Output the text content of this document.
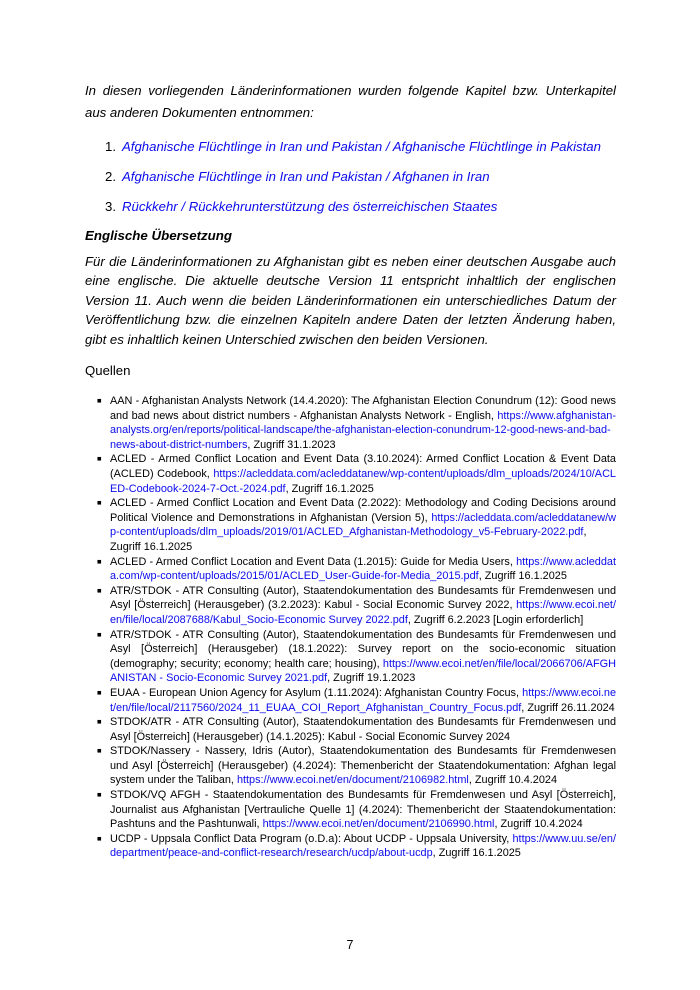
In diesen vorliegenden Länderinformationen wurden folgende Kapitel bzw. Unterkapitel aus anderen Dokumenten entnommen:

1. Afghanische Flüchtlinge in Iran und Pakistan / Afghanische Flüchtlinge in Pakistan
2. Afghanische Flüchtlinge in Iran und Pakistan / Afghanen in Iran
3. Rückkehr / Rückkehrunterstützung des österreichischen Staates
Englische Übersetzung

Für die Länderinformationen zu Afghanistan gibt es neben einer deutschen Ausgabe auch eine englische. Die aktuelle deutsche Version 11 entspricht inhaltlich der englischen Version 11. Auch wenn die beiden Länderinformationen ein unterschiedliches Datum der Veröffentlichung bzw. die einzelnen Kapiteln andere Daten der letzten Änderung haben, gibt es inhaltlich keinen Unterschied zwischen den beiden Versionen.

Quellen

■ AAN - Afghanistan Analysts Network (14.4.2020): The Afghanistan Election Conundrum (12): Good news and bad news about district numbers - Afghanistan Analysts Network - English, https://www.afghanistan-analysts.org/en/reports/political-landscape/the-afghanistan-election-conundrum-12-good-news-and-bad-news-about-district-numbers, Zugriff 31.1.2023
■ ACLED - Armed Conflict Location and Event Data (3.10.2024): Armed Conflict Location & Event Data (ACLED) Codebook, https://acleddata.com/acleddatanew/wp-content/uploads/dlm_uploads/2024/10/ACLED-Codebook-2024-7-Oct.-2024.pdf, Zugriff 16.1.2025
■ ACLED - Armed Conflict Location and Event Data (2.2022): Methodology and Coding Decisions around Political Violence and Demonstrations in Afghanistan (Version 5), https://acleddata.com/acleddatanew/wp-content/uploads/dlm_uploads/2019/01/ACLED_Afghanistan-Methodology_v5-February-2022.pdf, Zugriff 16.1.2025
■ ACLED - Armed Conflict Location and Event Data (1.2015): Guide for Media Users, https://www.acleddata.com/wp-content/uploads/2015/01/ACLED_User-Guide-for-Media_2015.pdf, Zugriff 16.1.2025
■ ATR/STDOK - ATR Consulting (Autor), Staatendokumentation des Bundesamts für Fremdenwesen und Asyl [Österreich] (Herausgeber) (3.2.2023): Kabul - Social Economic Survey 2022, https://www.ecoi.net/en/file/local/2087688/Kabul_Socio-Economic Survey 2022.pdf, Zugriff 6.2.2023 [Login erforderlich]
■ ATR/STDOK - ATR Consulting (Autor), Staatendokumentation des Bundesamts für Fremdenwesen und Asyl [Österreich] (Herausgeber) (18.1.2022): Survey report on the socio-economic situation (demography; security; economy; health care; housing), https://www.ecoi.net/en/file/local/2066706/AFGHANISTAN - Socio-Economic Survey 2021.pdf, Zugriff 19.1.2023
■ EUAA - European Union Agency for Asylum (1.11.2024): Afghanistan Country Focus, https://www.ecoi.net/en/file/local/2117560/2024_11_EUAA_COI_Report_Afghanistan_Country_Focus.pdf, Zugriff 26.11.2024
■ STDOK/ATR - ATR Consulting (Autor), Staatendokumentation des Bundesamts für Fremdenwesen und Asyl [Österreich] (Herausgeber) (14.1.2025): Kabul - Social Economic Survey 2024
■ STDOK/Nassery - Nassery, Idris (Autor), Staatendokumentation des Bundesamts für Fremdenwesen und Asyl [Österreich] (Herausgeber) (4.2024): Themenbericht der Staatendokumentation: Afghan legal system under the Taliban, https://www.ecoi.net/en/document/2106982.html, Zugriff 10.4.2024
■ STDOK/VQ AFGH - Staatendokumentation des Bundesamts für Fremdenwesen und Asyl [Österreich], Journalist aus Afghanistan [Vertrauliche Quelle 1] (4.2024): Themenbericht der Staatendokumentation: Pashtuns and the Pashtunwali, https://www.ecoi.net/en/document/2106990.html, Zugriff 10.4.2024
■ UCDP - Uppsala Conflict Data Program (o.D.a): About UCDP - Uppsala University, https://www.uu.se/en/department/peace-and-conflict-research/research/ucdp/about-ucdp, Zugriff 16.1.2025
7
